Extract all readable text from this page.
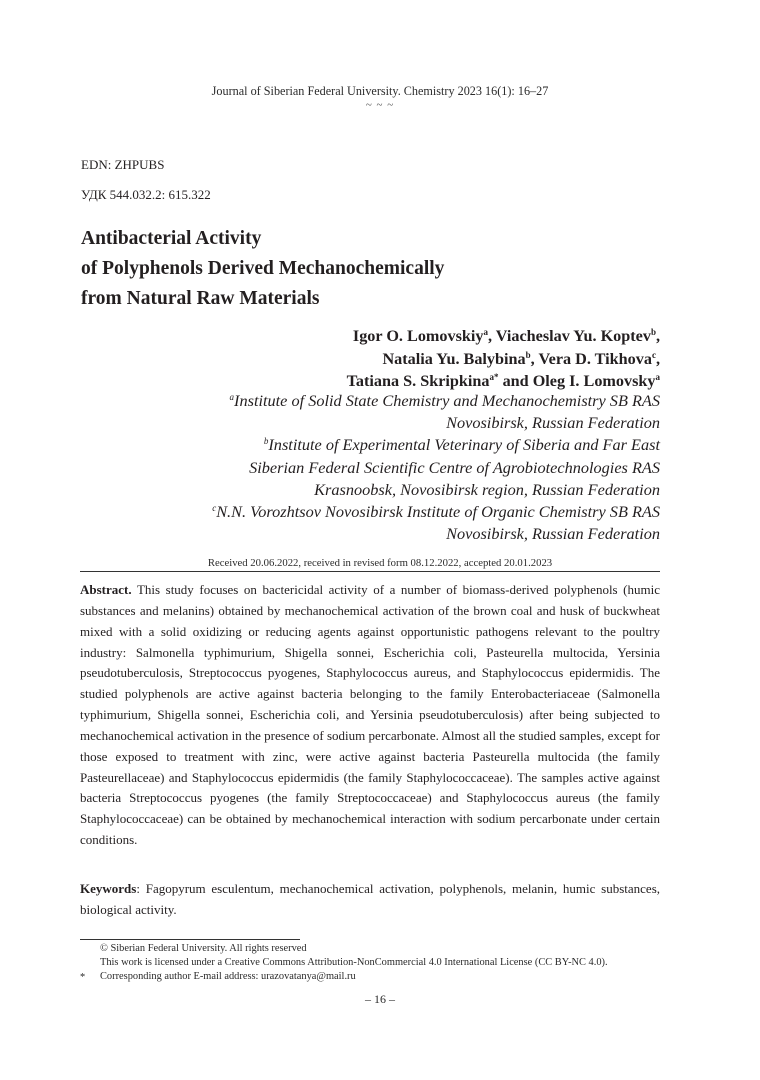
Journal of Siberian Federal University. Chemistry 2023 16(1): 16–27
~ ~ ~
EDN: ZHPUBS
УДК 544.032.2: 615.322
Antibacterial Activity
of Polyphenols Derived Mechanochemically
from Natural Raw Materials
Igor O. Lomovskiy$^a$, Viacheslav Yu. Koptev$^b$,
Natalia Yu. Balybina$^b$, Vera D. Tikhova$^c$,
Tatiana S. Skripkina$^{a*}$ and Oleg I. Lomovsky$^a$
$^a$Institute of Solid State Chemistry and Mechanochemistry SB RAS
Novosibirsk, Russian Federation
$^b$Institute of Experimental Veterinary of Siberia and Far East
Siberian Federal Scientific Centre of Agrobiotechnologies RAS
Krasnoobsk, Novosibirsk region, Russian Federation
$^c$N.N. Vorozhtsov Novosibirsk Institute of Organic Chemistry SB RAS
Novosibirsk, Russian Federation
Received 20.06.2022, received in revised form 08.12.2022, accepted 20.01.2023
Abstract. This study focuses on bactericidal activity of a number of biomass-derived polyphenols (humic substances and melanins) obtained by mechanochemical activation of the brown coal and husk of buckwheat mixed with a solid oxidizing or reducing agents against opportunistic pathogens relevant to the poultry industry: Salmonella typhimurium, Shigella sonnei, Escherichia coli, Pasteurella multocida, Yersinia pseudotuberculosis, Streptococcus pyogenes, Staphylococcus aureus, and Staphylococcus epidermidis. The studied polyphenols are active against bacteria belonging to the family Enterobacteriaceae (Salmonella typhimurium, Shigella sonnei, Escherichia coli, and Yersinia pseudotuberculosis) after being subjected to mechanochemical activation in the presence of sodium percarbonate. Almost all the studied samples, except for those exposed to treatment with zinc, were active against bacteria Pasteurella multocida (the family Pasteurellaceae) and Staphylococcus epidermidis (the family Staphylococcaceae). The samples active against bacteria Streptococcus pyogenes (the family Streptococcaceae) and Staphylococcus aureus (the family Staphylococcaceae) can be obtained by mechanochemical interaction with sodium percarbonate under certain conditions.
Keywords: Fagopyrum esculentum, mechanochemical activation, polyphenols, melanin, humic substances, biological activity.
© Siberian Federal University. All rights reserved
This work is licensed under a Creative Commons Attribution-NonCommercial 4.0 International License (CC BY-NC 4.0).
* Corresponding author E-mail address: urazovatanya@mail.ru
– 16 –
